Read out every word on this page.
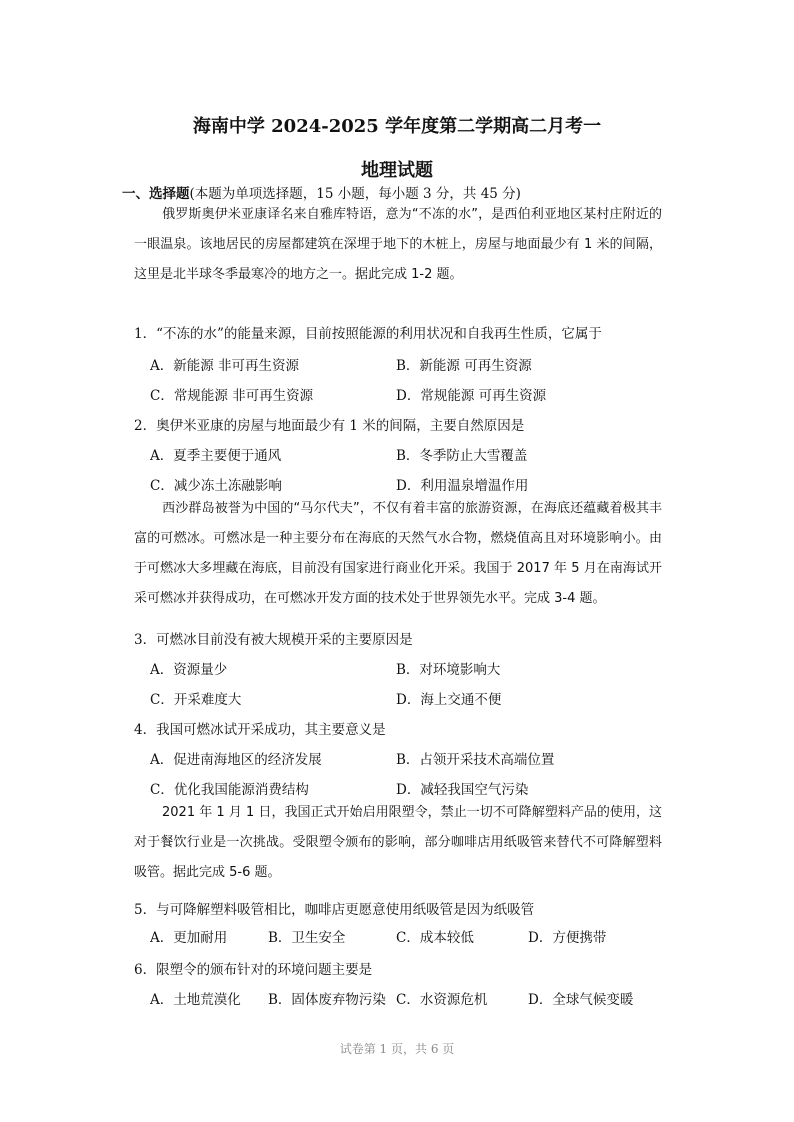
海南中学 2024-2025 学年度第二学期高二月考一
地理试题
一、选择题(本题为单项选择题，15 小题，每小题 3 分，共 45 分)
俄罗斯奥伊米亚康译名来自雅库特语，意为“不冻的水”，是西伯利亚地区某村庄附近的一眼温泉。该地居民的房屋都建筑在深埋于地下的木桩上，房屋与地面最少有 1 米的间隔，这里是北半球冬季最寒冷的地方之一。据此完成 1-2 题。
1．“不冻的水”的能量来源，目前按照能源的利用状况和自我再生性质，它属于
A．新能源 非可再生资源	B．新能源 可再生资源
C．常规能源 非可再生资源	D．常规能源 可再生资源
2．奥伊米亚康的房屋与地面最少有 1 米的间隔，主要自然原因是
A．夏季主要便于通风	B．冬季防止大雪覆盖
C．减少冻土冻融影响	D．利用温泉增温作用
西沙群岛被誉为中国的“马尔代夫”，不仅有着丰富的旅游资源，在海底还蕴藏着极其丰富的可燃冰。可燃冰是一种主要分布在海底的天然气水合物，燃烧值高且对环境影响小。由于可燃冰大多埋藏在海底，目前没有国家进行商业化开采。我国于 2017 年 5 月在南海试开采可燃冰并获得成功，在可燃冰开发方面的技术处于世界领先水平。完成 3-4 题。
3．可燃冰目前没有被大规模开采的主要原因是
A．资源量少	B．对环境影响大
C．开采难度大	D．海上交通不便
4．我国可燃冰试开采成功，其主要意义是
A．促进南海地区的经济发展	B．占领开采技术高端位置
C．优化我国能源消费结构	D．减轻我国空气污染
2021 年 1 月 1 日，我国正式开始启用限塑令，禁止一切不可降解塑料产品的使用，这对于餐饮行业是一次挑战。受限塑令颁布的影响，部分咖啡店用纸吸管来替代不可降解塑料吸管。据此完成 5-6 题。
5．与可降解塑料吸管相比，咖啡店更愿意使用纸吸管是因为纸吸管
A．更加耐用	B．卫生安全	C．成本较低	D．方便携带
6．限塑令的颁布针对的环境问题主要是
A．土地荒漠化 B．固体废弃物污染 C．水资源危机	D．全球气候变暖
试卷第 1 页，共 6 页
